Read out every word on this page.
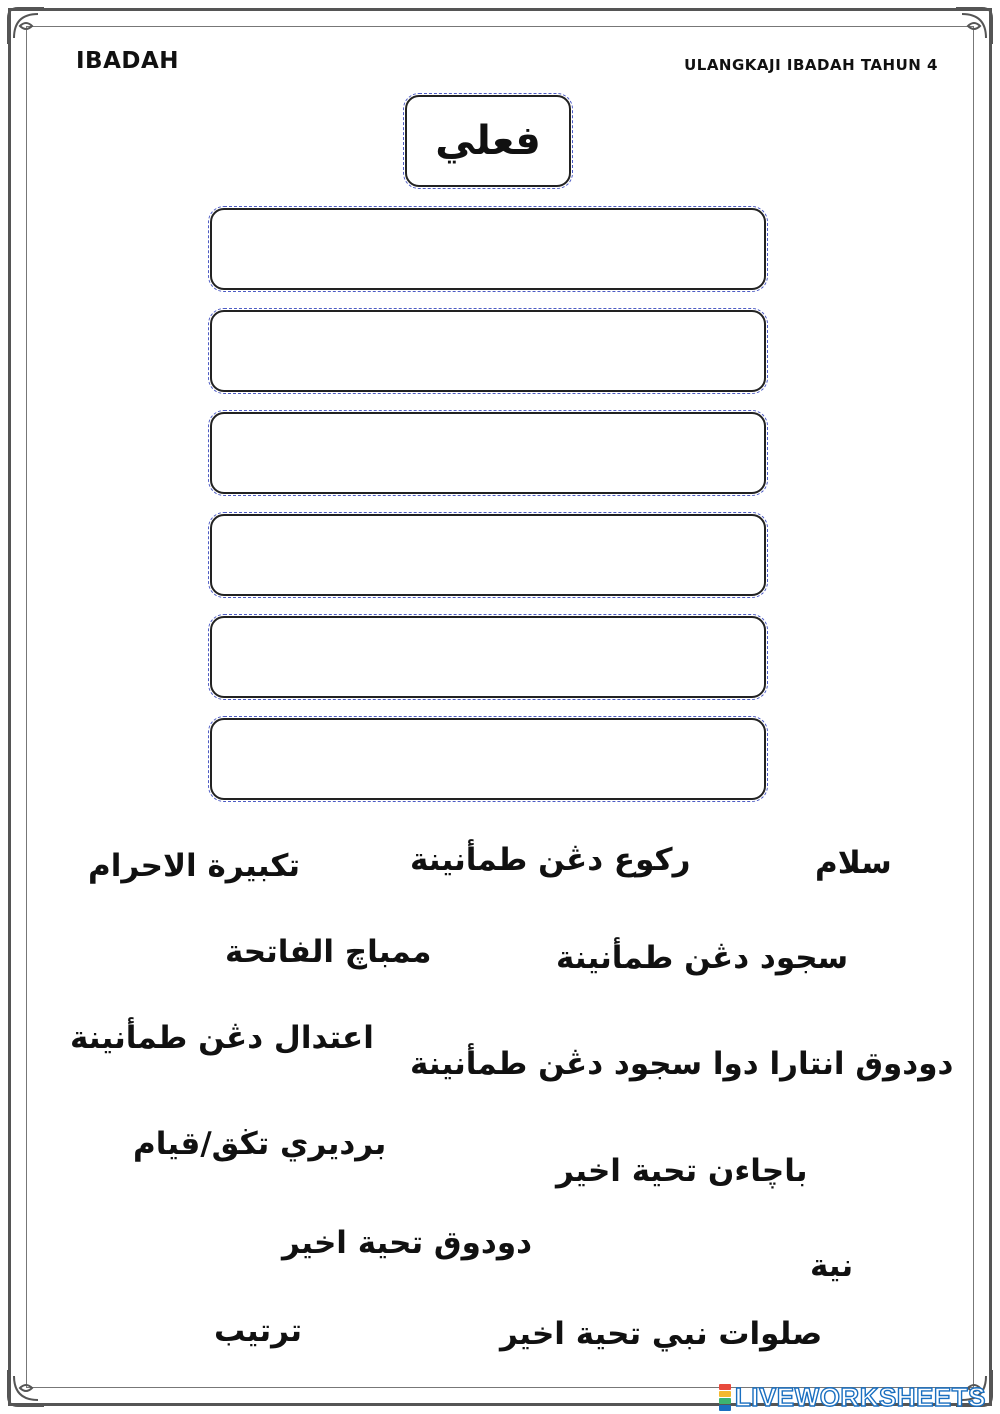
IBADAH	ULANGKAJI IBADAH TAHUN 4
فعلي
سلام
ركوع دڠن طمأنينة
تكبيرة الاحرام
سجود دڠن طمأنينة
ممباچ الفاتحة
اعتدال دڠن طمأنينة
دودوق انتارا دوا سجود دڠن طمأنينة
برديري تڬق/قيام
باچاءن تحية اخير
دودوق تحية اخير
نية
ترتيب	صلوات نبي تحية اخير
LIVEWORKSHEETS
